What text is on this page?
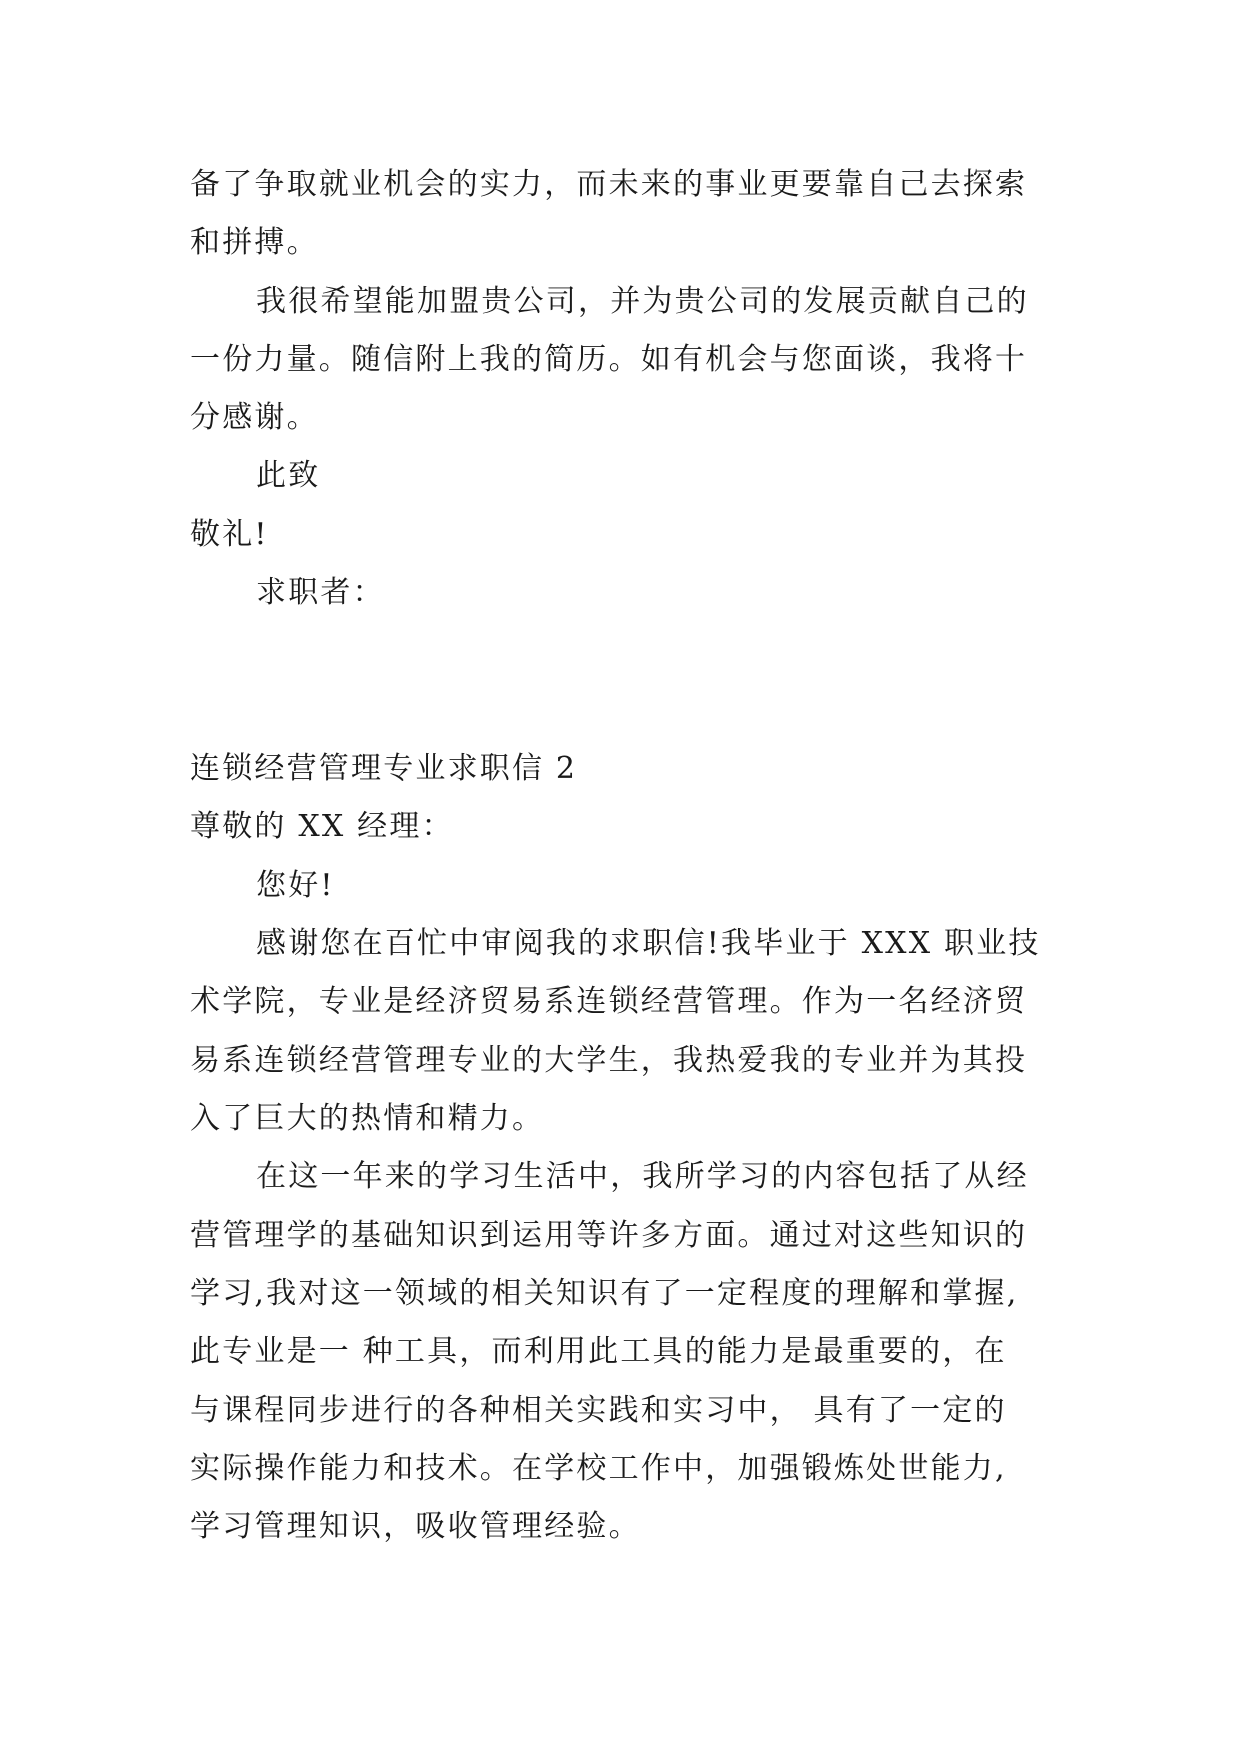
备了争取就业机会的实力，而未来的事业更要靠自己去探索
和拼搏。
我很希望能加盟贵公司，并为贵公司的发展贡献自己的
一份力量。随信附上我的简历。如有机会与您面谈，我将十
分感谢。
此致
敬礼!
求职者：
连锁经营管理专业求职信 2
尊敬的 XX 经理：
您好!
感谢您在百忙中审阅我的求职信!我毕业于 XXX 职业技
术学院，专业是经济贸易系连锁经营管理。作为一名经济贸
易系连锁经营管理专业的大学生，我热爱我的专业并为其投
入了巨大的热情和精力。
在这一年来的学习生活中，我所学习的内容包括了从经
营管理学的基础知识到运用等许多方面。通过对这些知识的
学习,我对这一领域的相关知识有了一定程度的理解和掌握,
此专业是一 种工具，而利用此工具的能力是最重要的，在
与课程同步进行的各种相关实践和实习中， 具有了一定的
实际操作能力和技术。在学校工作中，加强锻炼处世能力,
学习管理知识，吸收管理经验。
